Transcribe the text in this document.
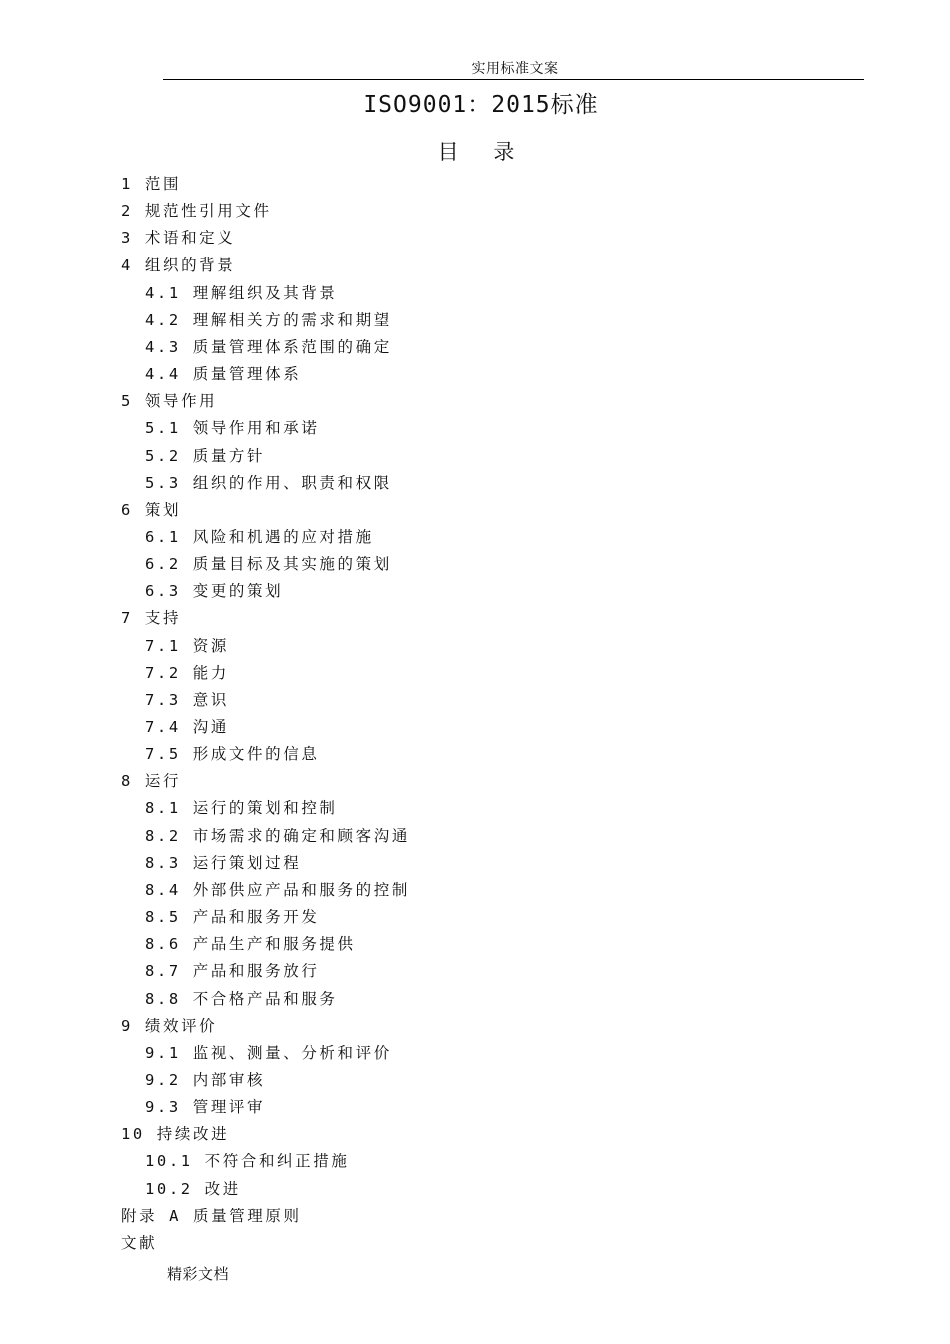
实用标准文案
ISO9001：2015标准
目 录
1 范围
2 规范性引用文件
3 术语和定义
4 组织的背景
4.1 理解组织及其背景
4.2 理解相关方的需求和期望
4.3 质量管理体系范围的确定
4.4 质量管理体系
5 领导作用
5.1 领导作用和承诺
5.2 质量方针
5.3 组织的作用、职责和权限
6 策划
6.1 风险和机遇的应对措施
6.2 质量目标及其实施的策划
6.3 变更的策划
7 支持
7.1 资源
7.2 能力
7.3 意识
7.4 沟通
7.5 形成文件的信息
8 运行
8.1 运行的策划和控制
8.2 市场需求的确定和顾客沟通
8.3 运行策划过程
8.4 外部供应产品和服务的控制
8.5 产品和服务开发
8.6 产品生产和服务提供
8.7 产品和服务放行
8.8 不合格产品和服务
9 绩效评价
9.1 监视、测量、分析和评价
9.2 内部审核
9.3 管理评审
10 持续改进
10.1 不符合和纠正措施
10.2 改进
附录 A 质量管理原则
文献
精彩文档
